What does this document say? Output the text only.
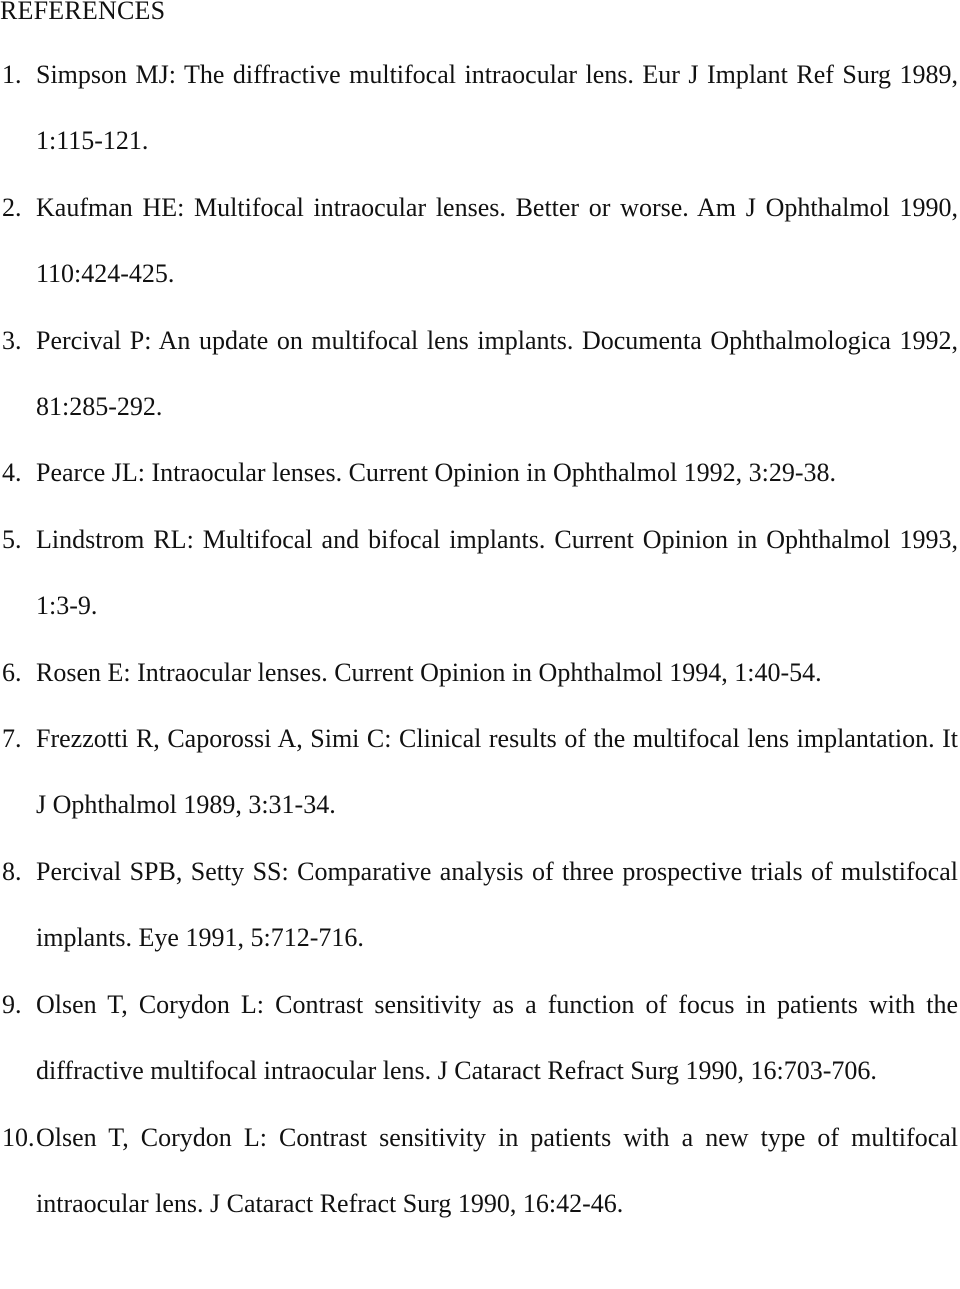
REFERENCES
1. Simpson MJ: The diffractive multifocal intraocular lens. Eur J Implant Ref Surg 1989, 1:115-121.
2. Kaufman HE: Multifocal intraocular lenses. Better or worse. Am J Ophthalmol 1990, 110:424-425.
3. Percival P: An update on multifocal lens implants. Documenta Ophthalmologica 1992, 81:285-292.
4. Pearce JL: Intraocular lenses. Current Opinion in Ophthalmol 1992, 3:29-38.
5. Lindstrom RL: Multifocal and bifocal implants. Current Opinion in Ophthalmol 1993, 1:3-9.
6. Rosen E: Intraocular lenses. Current Opinion in Ophthalmol 1994, 1:40-54.
7. Frezzotti R, Caporossi A, Simi C: Clinical results of the multifocal lens implantation. It J Ophthalmol 1989, 3:31-34.
8. Percival SPB, Setty SS: Comparative analysis of three prospective trials of mulstifocal implants. Eye 1991, 5:712-716.
9. Olsen T, Corydon L: Contrast sensitivity as a function of focus in patients with the diffractive multifocal intraocular lens. J Cataract Refract Surg 1990, 16:703-706.
10. Olsen T, Corydon L: Contrast sensitivity in patients with a new type of multifocal intraocular lens. J Cataract Refract Surg 1990, 16:42-46.
